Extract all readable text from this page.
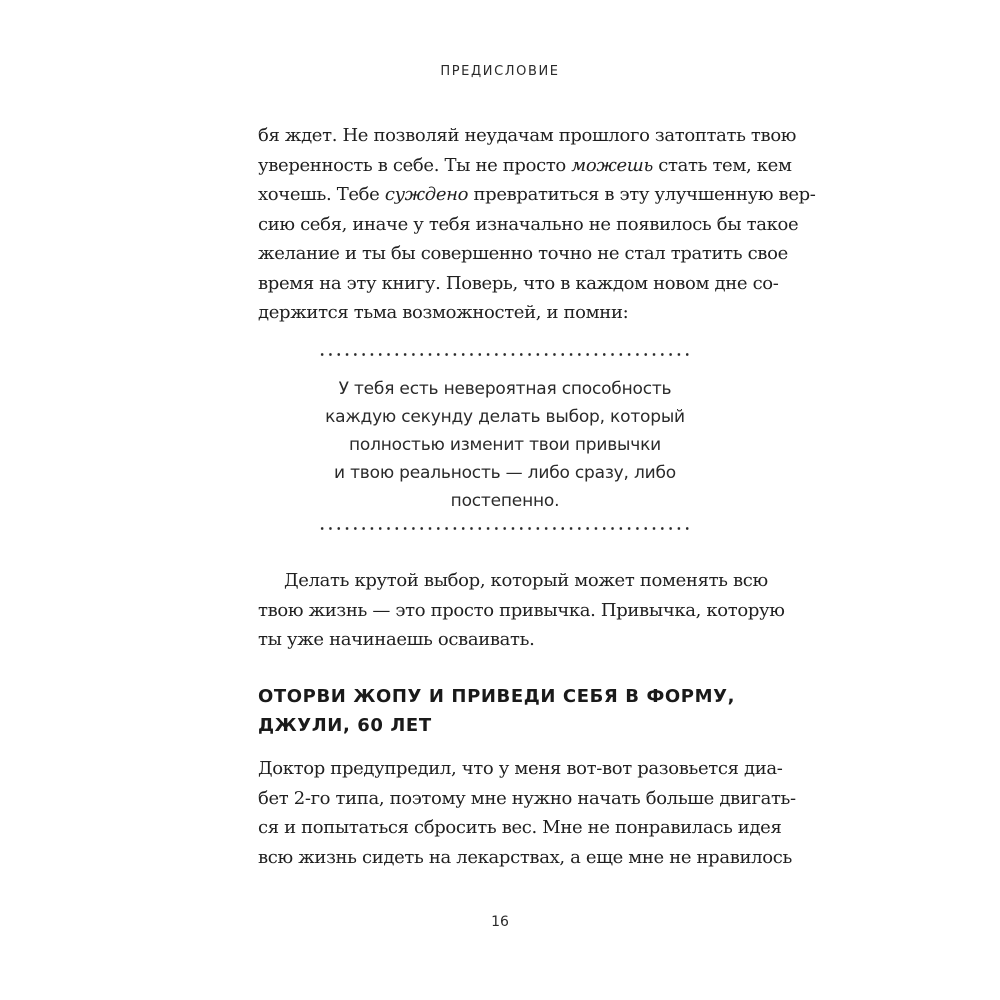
ПРЕДИСЛОВИЕ
бя ждет. Не позволяй неудачам прошлого затоптать твою
уверенность в себе. Ты не просто можешь стать тем, кем
хочешь. Тебе суждено превратиться в эту улучшенную вер-
сию себя, иначе у тебя изначально не появилось бы такое
желание и ты бы совершенно точно не стал тратить свое
время на эту книгу. Поверь, что в каждом новом дне со-
держится тьма возможностей, и помни:
У тебя есть невероятная способность
каждую секунду делать выбор, который
полностью изменит твои привычки
и твою реальность — либо сразу, либо
постепенно.
Делать крутой выбор, который может поменять всю
твою жизнь — это просто привычка. Привычка, которую
ты уже начинаешь осваивать.
ОТОРВИ ЖОПУ И ПРИВЕДИ СЕБЯ В ФОРМУ,
ДЖУЛИ, 60 ЛЕТ
Доктор предупредил, что у меня вот-вот разовьется диа-
бет 2-го типа, поэтому мне нужно начать больше двигать-
ся и попытаться сбросить вес. Мне не понравилась идея
всю жизнь сидеть на лекарствах, а еще мне не нравилось
16
